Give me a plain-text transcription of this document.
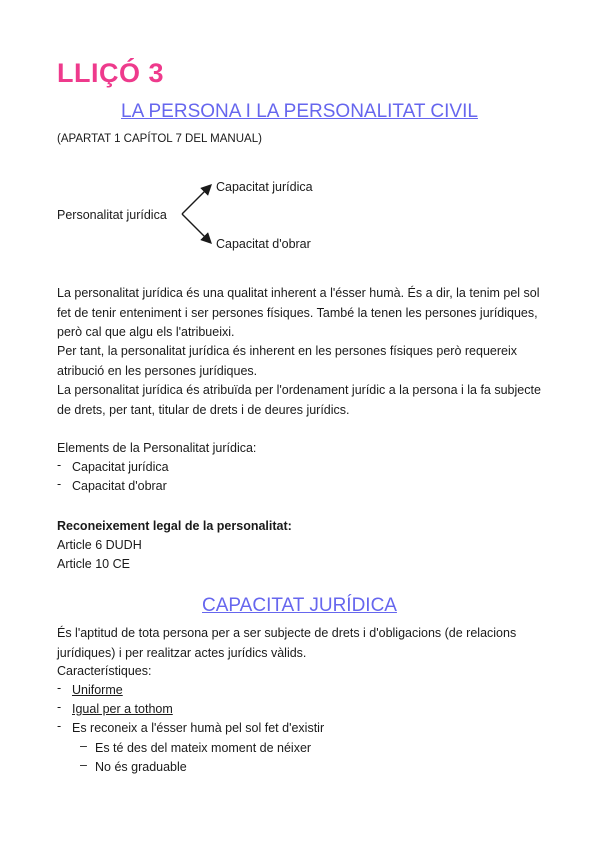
LLIÇÓ 3
LA PERSONA I LA PERSONALITAT CIVIL
(APARTAT 1 CAPÍTOL 7 DEL MANUAL)
Personalitat jurídica
Capacitat jurídica
Capacitat d'obrar
La personalitat jurídica és una qualitat inherent a l'ésser humà. És a dir, la tenim pel sol fet de tenir enteniment i ser persones físiques. També la tenen les persones jurídiques, però cal que algu els l'atribueixi.
Per tant, la personalitat jurídica és inherent en les persones físiques però requereix atribució en les persones jurídiques.
La personalitat jurídica és atribuïda per l'ordenament jurídic a la persona i la fa subjecte de drets, per tant, titular de drets i de deures jurídics.
Elements de la Personalitat jurídica:
- Capacitat jurídica
- Capacitat d'obrar
Reconeixement legal de la personalitat:
Article 6 DUDH
Article 10 CE
CAPACITAT JURÍDICA
És l'aptitud de tota persona per a ser subjecte de drets i d'obligacions (de relacions jurídiques) i per realitzar actes jurídics vàlids.
Característiques:
- Uniforme
- Igual per a tothom
- Es reconeix a l'ésser humà pel sol fet d'existir
– Es té des del mateix moment de néixer
– No és graduable
